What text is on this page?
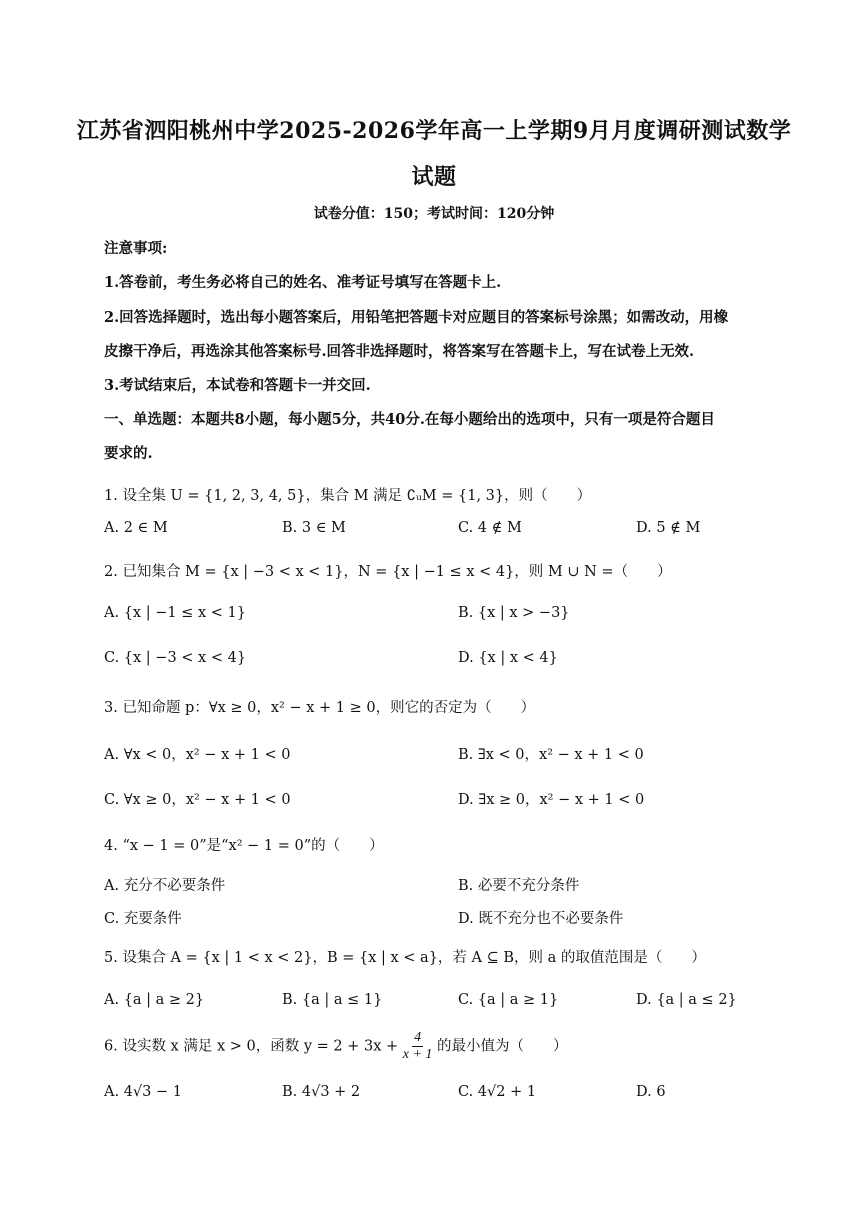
江苏省泗阳桃州中学2025-2026学年高一上学期9月月度调研测试数学
试题
试卷分值：150；考试时间：120分钟
注意事项:
1.答卷前，考生务必将自己的姓名、准考证号填写在答题卡上.
2.回答选择题时，选出每小题答案后，用铅笔把答题卡对应题目的答案标号涂黑；如需改动，用橡
皮擦干净后，再选涂其他答案标号.回答非选择题时，将答案写在答题卡上，写在试卷上无效.
3.考试结束后，本试卷和答题卡一并交回.
一、单选题：本题共8小题，每小题5分，共40分.在每小题给出的选项中，只有一项是符合题目
要求的.
1. 设全集 U = {1, 2, 3, 4, 5}，集合 M 满足 ∁ᵤM = {1, 3}，则（　　）
A. 2 ∈ M	B. 3 ∈ M	C. 4 ∉ M	D. 5 ∉ M
2. 已知集合 M = {x | −3 < x < 1}，N = {x | −1 ≤ x < 4}，则 M ∪ N =（　　）
A. {x | −1 ≤ x < 1}	B. {x | x > −3}
C. {x | −3 < x < 4}	D. {x | x < 4}
3. 已知命题 p：∀x ≥ 0，x² − x + 1 ≥ 0，则它的否定为（　　）
A. ∀x < 0，x² − x + 1 < 0	B. ∃x < 0，x² − x + 1 < 0
C. ∀x ≥ 0，x² − x + 1 < 0	D. ∃x ≥ 0，x² − x + 1 < 0
4. “x − 1 = 0”是“x² − 1 = 0”的（　　）
A. 充分不必要条件	B. 必要不充分条件
C. 充要条件	D. 既不充分也不必要条件
5. 设集合 A = {x | 1 < x < 2}，B = {x | x < a}，若 A ⊆ B，则 a 的取值范围是（　　）
A. {a | a ≥ 2}	B. {a | a ≤ 1}	C. {a | a ≥ 1}	D. {a | a ≤ 2}
6. 设实数 x 满足 x > 0，函数 $y = 2 + 3x + \frac{4}{x + 1}$ 的最小值为（　　）
A. 4√3 − 1	B. 4√3 + 2	C. 4√2 + 1	D. 6
